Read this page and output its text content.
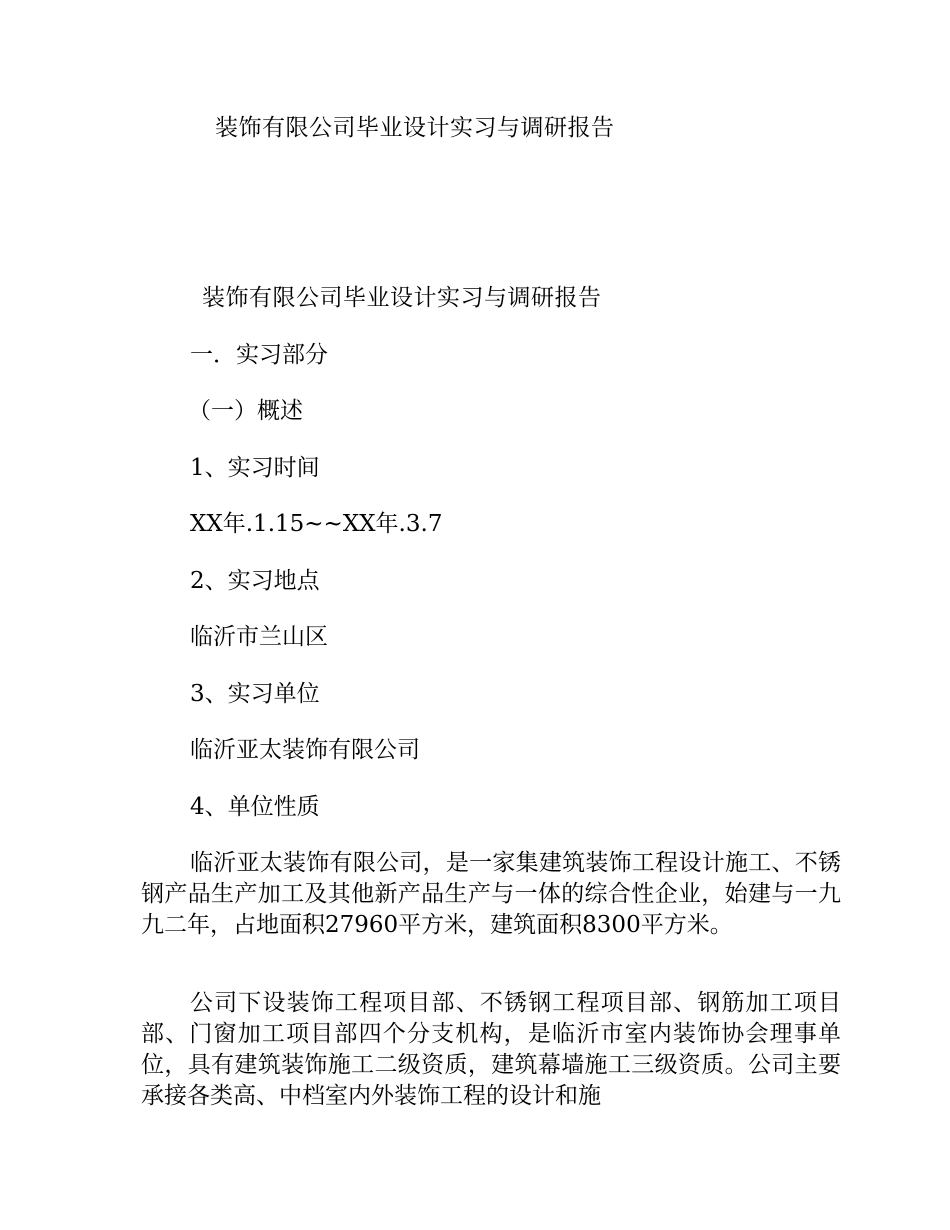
装饰有限公司毕业设计实习与调研报告
装饰有限公司毕业设计实习与调研报告
一．实习部分
（一）概述
1、实习时间
XX年.1.15~~XX年.3.7
2、实习地点
临沂市兰山区
3、实习单位
临沂亚太装饰有限公司
4、单位性质
临沂亚太装饰有限公司，是一家集建筑装饰工程设计施工、不锈钢产品生产加工及其他新产品生产与一体的综合性企业，始建与一九九二年，占地面积27960平方米，建筑面积8300平方米。
公司下设装饰工程项目部、不锈钢工程项目部、钢筋加工项目部、门窗加工项目部四个分支机构，是临沂市室内装饰协会理事单位，具有建筑装饰施工二级资质，建筑幕墙施工三级资质。公司主要承接各类高、中档室内外装饰工程的设计和施
